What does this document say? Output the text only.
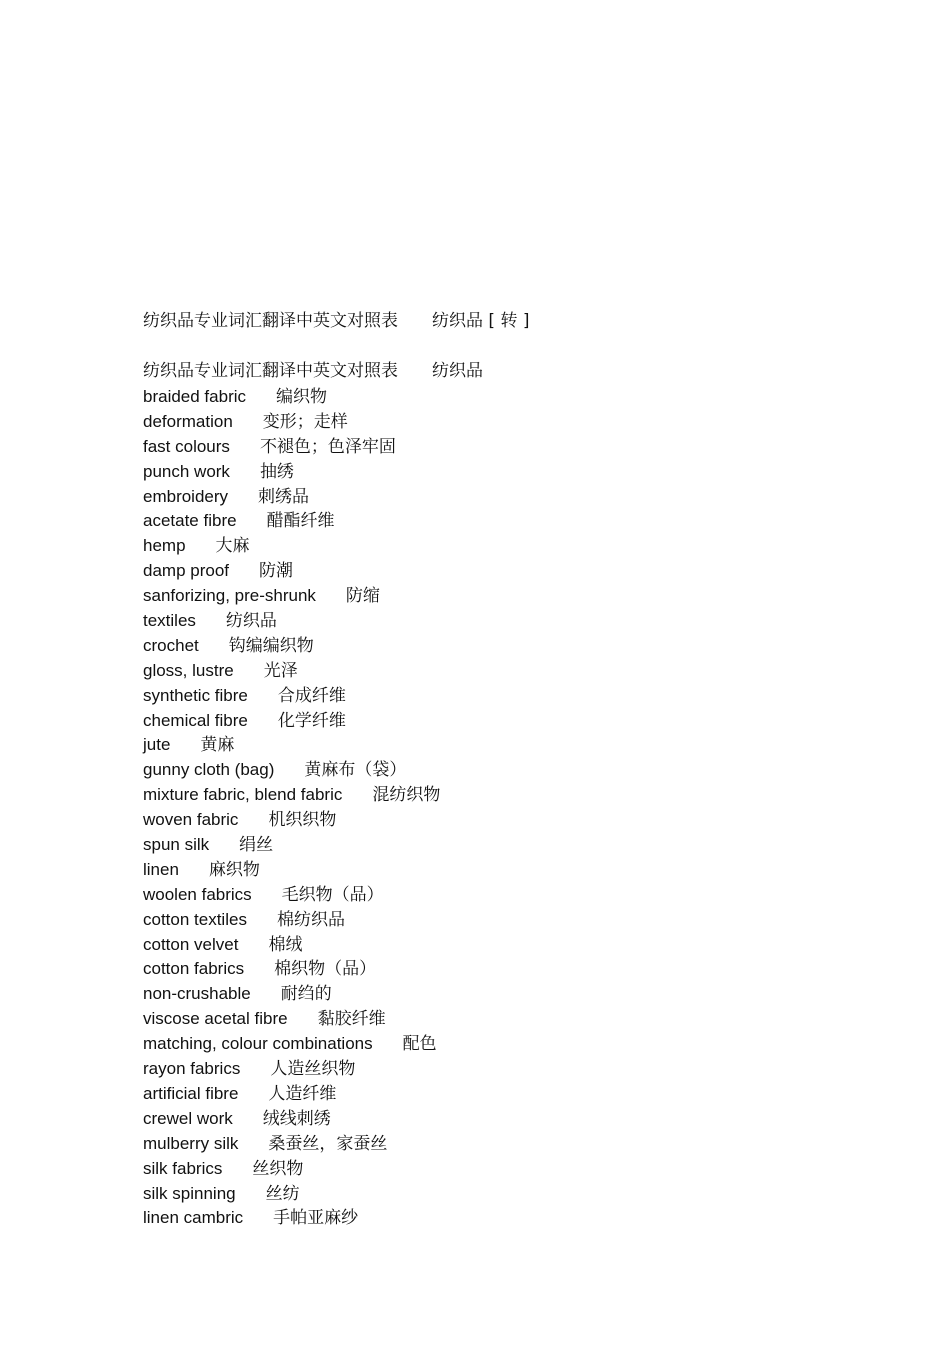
纺织品专业词汇翻译中英文对照表　　纺织品 [ 转 ]
纺织品专业词汇翻译中英文对照表　　纺织品
braided fabric 编织物
deformation 变形；走样
fast colours 不褪色；色泽牢固
punch work 抽绣
embroidery 刺绣品
acetate fibre 醋酯纤维
hemp 大麻
damp proof 防潮
sanforizing, pre-shrunk 防缩
textiles 纺织品
crochet 钩编编织物
gloss, lustre 光泽
synthetic fibre 合成纤维
chemical fibre 化学纤维
jute 黄麻
gunny cloth (bag) 黄麻布（袋）
mixture fabric, blend fabric 混纺织物
woven fabric 机织织物
spun silk 绢丝
linen 麻织物
woolen fabrics 毛织物（品）
cotton textiles 棉纺织品
cotton velvet 棉绒
cotton fabrics 棉织物（品）
non-crushable 耐绉的
viscose acetal fibre 黏胶纤维
matching, colour combinations 配色
rayon fabrics 人造丝织物
artificial fibre 人造纤维
crewel work 绒线刺绣
mulberry silk 桑蚕丝，家蚕丝
silk fabrics 丝织物
silk spinning 丝纺
linen cambric 手帕亚麻纱
